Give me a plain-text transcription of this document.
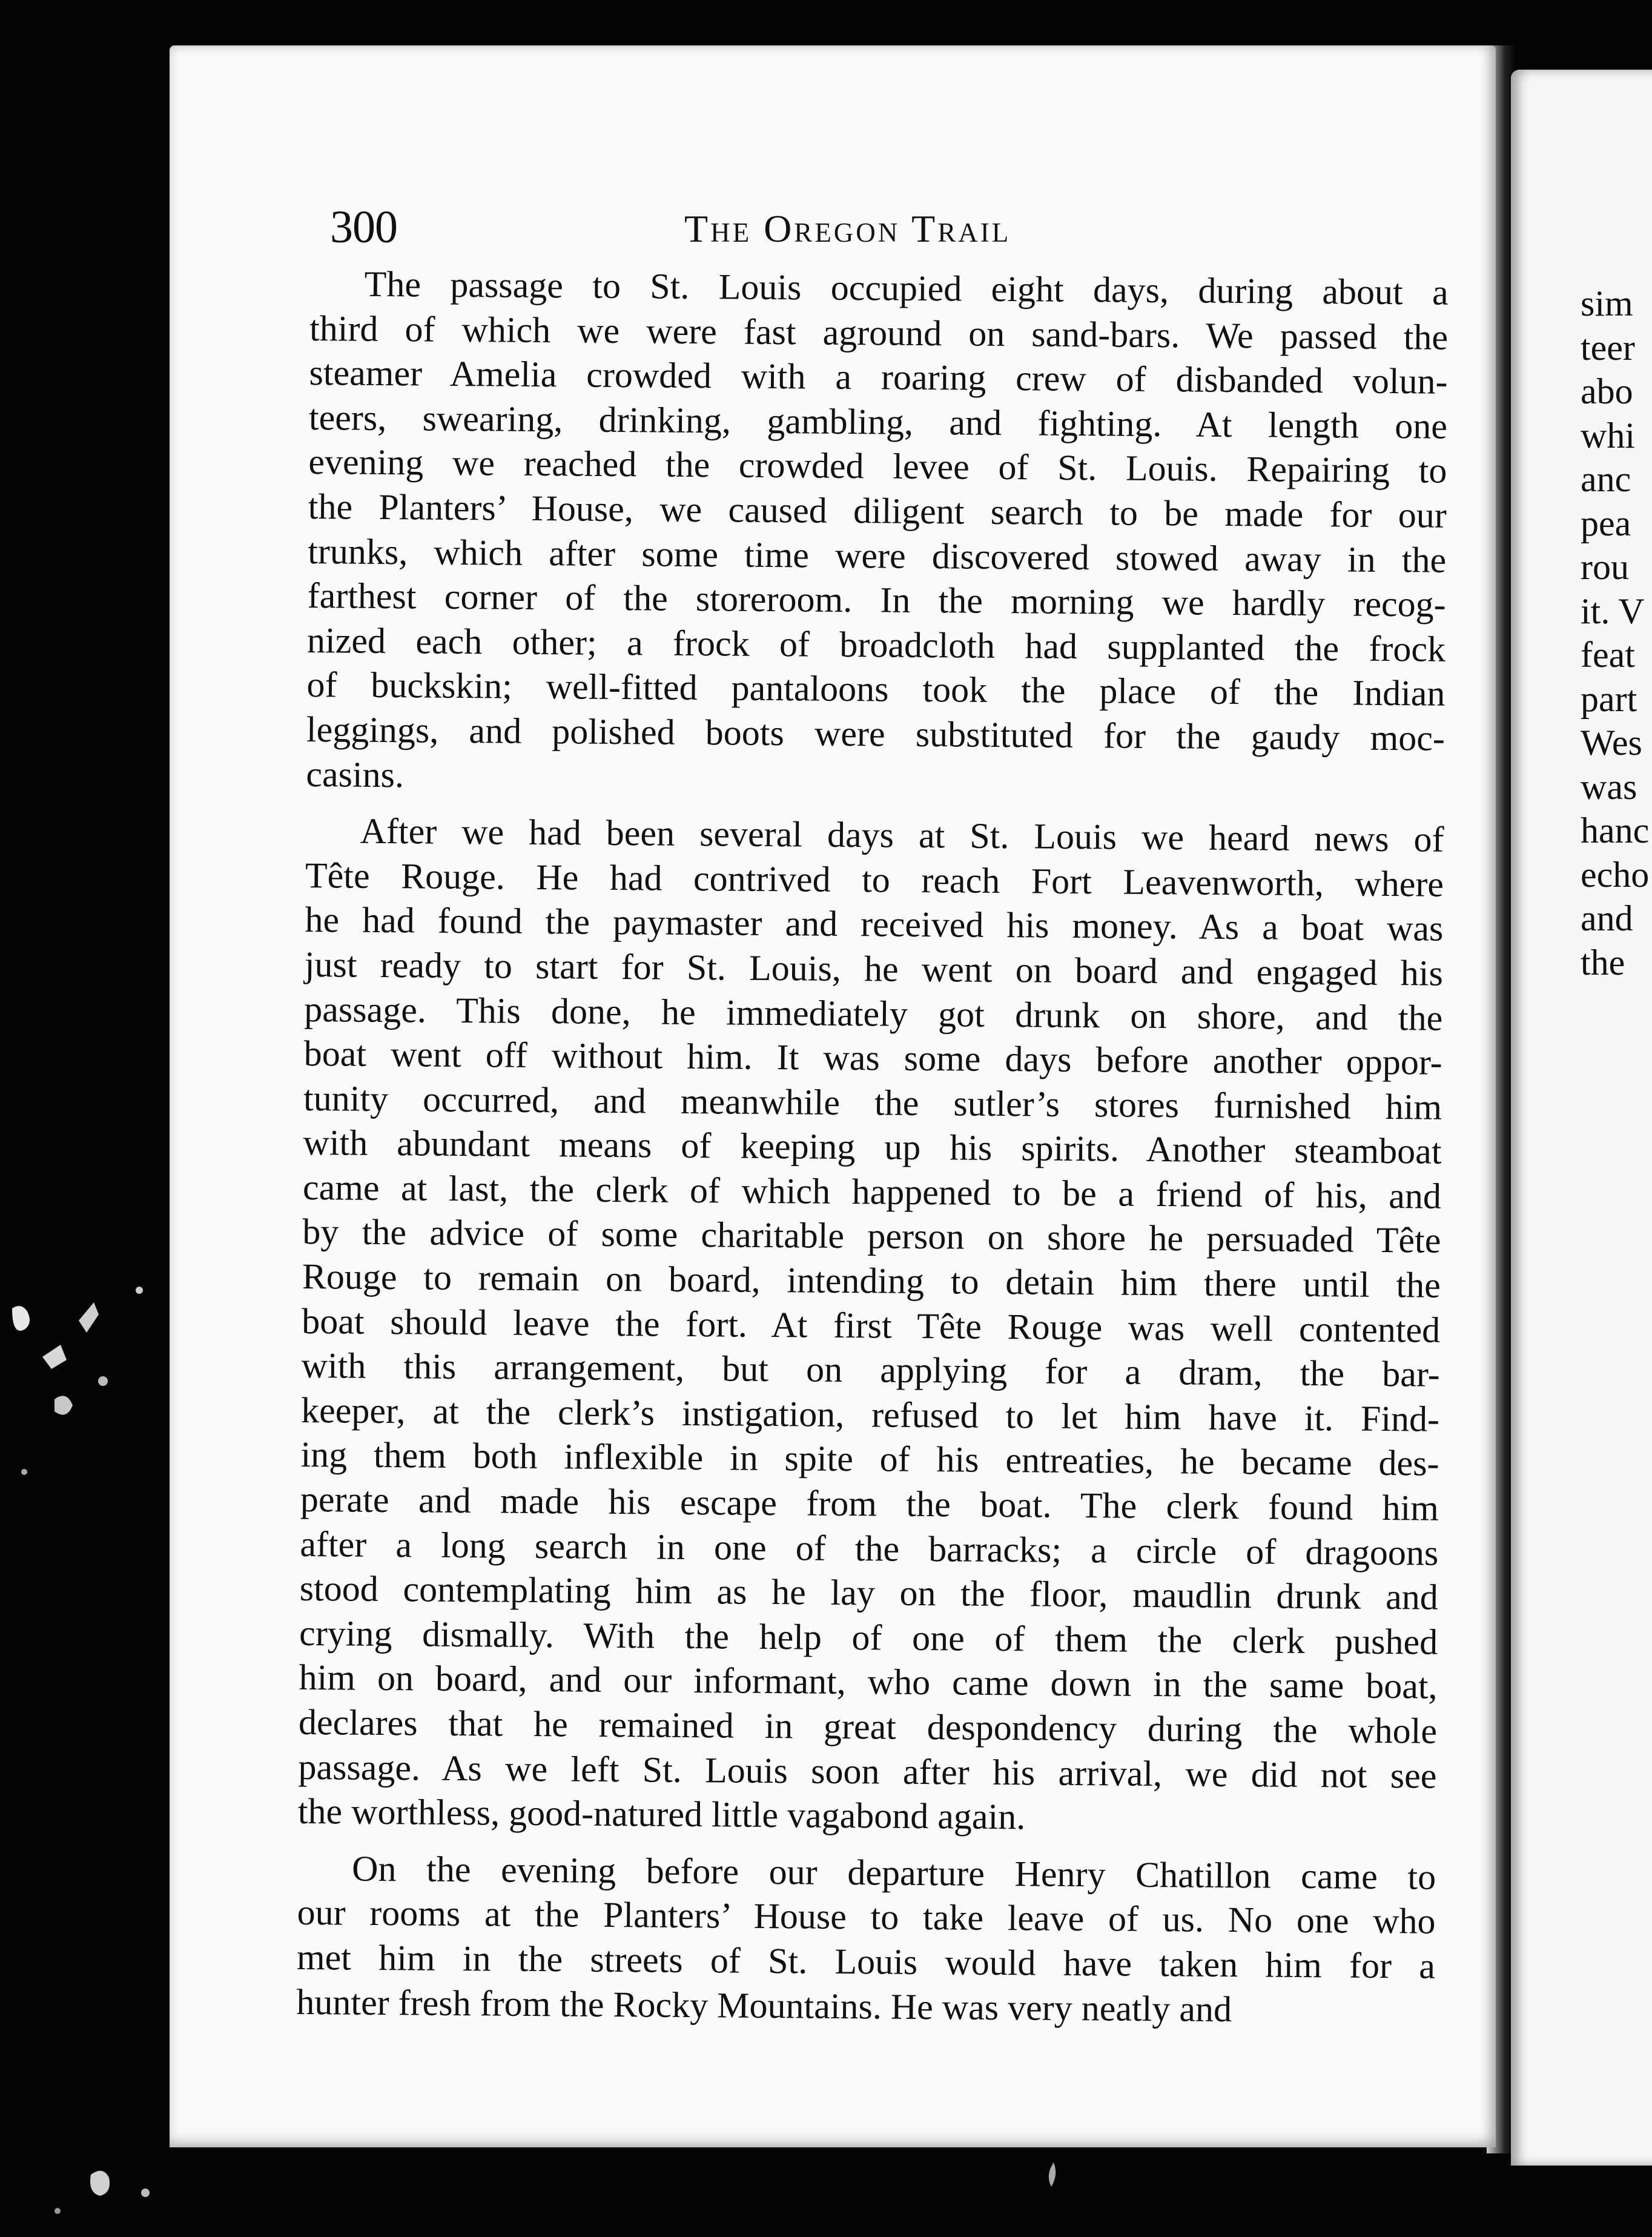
300	The Oregon Trail
The passage to St. Louis occupied eight days, during about a
third of which we were fast aground on sand-bars. We passed the
steamer Amelia crowded with a roaring crew of disbanded volun-
teers, swearing, drinking, gambling, and fighting. At length one
evening we reached the crowded levee of St. Louis. Repairing to
the Planters’ House, we caused diligent search to be made for our
trunks, which after some time were discovered stowed away in the
farthest corner of the storeroom. In the morning we hardly recog-
nized each other; a frock of broadcloth had supplanted the frock
of buckskin; well-fitted pantaloons took the place of the Indian
leggings, and polished boots were substituted for the gaudy moc-
casins.
After we had been several days at St. Louis we heard news of
Tête Rouge. He had contrived to reach Fort Leavenworth, where
he had found the paymaster and received his money. As a boat was
just ready to start for St. Louis, he went on board and engaged his
passage. This done, he immediately got drunk on shore, and the
boat went off without him. It was some days before another oppor-
tunity occurred, and meanwhile the sutler’s stores furnished him
with abundant means of keeping up his spirits. Another steamboat
came at last, the clerk of which happened to be a friend of his, and
by the advice of some charitable person on shore he persuaded Tête
Rouge to remain on board, intending to detain him there until the
boat should leave the fort. At first Tête Rouge was well contented
with this arrangement, but on applying for a dram, the bar-
keeper, at the clerk’s instigation, refused to let him have it. Find-
ing them both inflexible in spite of his entreaties, he became des-
perate and made his escape from the boat. The clerk found him
after a long search in one of the barracks; a circle of dragoons
stood contemplating him as he lay on the floor, maudlin drunk and
crying dismally. With the help of one of them the clerk pushed
him on board, and our informant, who came down in the same boat,
declares that he remained in great despondency during the whole
passage. As we left St. Louis soon after his arrival, we did not see
the worthless, good-natured little vagabond again.
On the evening before our departure Henry Chatillon came to
our rooms at the Planters’ House to take leave of us. No one who
met him in the streets of St. Louis would have taken him for a
hunter fresh from the Rocky Mountains. He was very neatly and
sim
teer
abo
whi
anc
pea
rou
it. V
feat
part
Wes
was
hanc
echo
and
the
